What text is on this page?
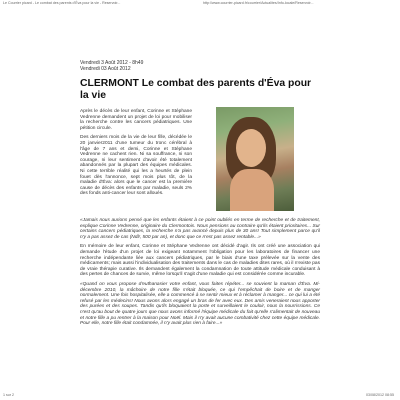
Le Courrier picard - Le combat des parents d'Éva pour la vie - Reservoir...	http://www.courrier-picard.fr/courrier/Actualites/Info-locale/Reservoir...
Vendredi 3 Août 2012 - 8h49
Vendredi 03 Août 2012
CLERMONT Le combat des parents d'Éva pour la vie

Après le décès de leur enfant, Corinne et Stéphane Vedrenne demandent un projet de loi pour mobiliser la recherche contre les cancers pédiatriques. Une pétition circule.

Des derniers mois de la vie de leur fille, décédée le 20 janvier2011 d'une tumeur du tronc cérébral à l'âge de 7 ans et demi, Corinne et Stéphane Vedrenne ne cachent rien. Ni sa souffrance, ni son courage, ni leur sentiment d'avoir été totalement abandonnés par la plupart des équipes médicales. Ni cette terrible réalité qui les a heurtés de plein fouet dès l'annonce, sept mois plus tôt, de la maladie d'Éva: alors que le cancer est la première cause de décès des enfants par maladie, seuls 2% des fonds anti-cancer leur sont alloués.

«Jamais nous aurions pensé que les enfants étaient à ce point oubliés en terme de recherche et de traitement, explique Corinne Vedrenne, originaire du Clermontois. Nous pensions au contraire qu'ils étaient prioritaires... Sur certains cancers pédiatriques, la recherche n'a pas avancé depuis plus de 30 ans! Tout simplement parce qu'il n'y a pas assez de cas (Ndlr, 500 par an), et donc que ce n'est pas assez rentable...»

En mémoire de leur enfant, Corinne et Stéphane Vedrenne ont décidé d'agir. Ils ont créé une association qui demande l'étude d'un projet de loi exigeant notamment l'obligation pour les laboratoires de financer une recherche indépendante liée aux cancers pédiatriques, par le biais d'une taxe prélevée sur la vente des médicaments; mais aussi l'individualisation des traitements dans le cas de maladies dites rares, où il n'existe pas de vraie thérapie curative. Ils demandent également la condamnation de toute attitude médicale conduisant à des pertes de chances de survie, même lorsqu'il s'agit d'une maladie qui est considérée comme incurable.

«Quand on vous propose d'euthanasier votre enfant, vous faites répéter... se souvient la maman d'Éva. Mi-décembre 2010, la mâchoire de notre fille s'était bloquée, ce qui l'empêchait de boire et de manger normalement. Une fois hospitalisée, elle a commencé à se sentir mieux et à réclamer à manger... ce qui lui a été refusé par les médecins! Nous avons alors engagé un bras de fer avec eux. Des amis veneraient nous apporter des purées et des soupes. Tandis qu'ils bloquaient la porte et surveillaient le couloir, nous la nourrissions. Ce n'est qu'au bout de quatre jours que nous avons informé l'équipe médicale du fait qu'elle s'alimentait de nouveau et notre fille a pu rentrer à la maison pour Noël. Mais il n'y avait aucune combativité chez cette équipe médicale. Pour elle, notre fille était condamnée, il n'y avait plus rien à faire...»

1 sur 2	03/08/2012 08:55
